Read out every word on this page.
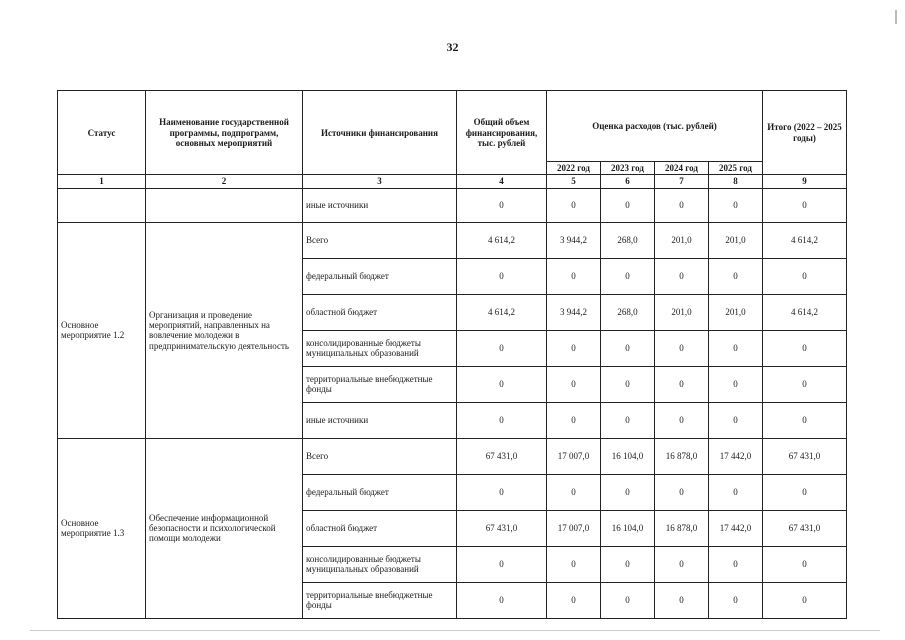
32
Статус	Наименование государственной программы, подпрограмм, основных мероприятий	Источники финансирования	Общий объем финансирования, тыс. рублей	Оценка расходов (тыс. рублей)				Итого (2022 – 2025 годы)
				2022 год	2023 год	2024 год	2025 год	
1	2	3	4	5	6	7	8	9
		иные источники	0	0	0	0	0	0
Основное мероприятие 1.2	Организация и проведение мероприятий, направленных на вовлечение молодежи в предпринимательскую деятельность	Всего	4 614,2	3 944,2	268,0	201,0	201,0	4 614,2
		федеральный бюджет	0	0	0	0	0	0
		областной бюджет	4 614,2	3 944,2	268,0	201,0	201,0	4 614,2
		консолидированные бюджеты муниципальных образований	0	0	0	0	0	0
		территориальные внебюджетные фонды	0	0	0	0	0	0
		иные источники	0	0	0	0	0	0
Основное мероприятие 1.3	Обеспечение информационной безопасности и психологической помощи молодежи	Всего	67 431,0	17 007,0	16 104,0	16 878,0	17 442,0	67 431,0
		федеральный бюджет	0	0	0	0	0	0
		областной бюджет	67 431,0	17 007,0	16 104,0	16 878,0	17 442,0	67 431,0
		консолидированные бюджеты муниципальных образований	0	0	0	0	0	0
		территориальные внебюджетные фонды	0	0	0	0	0	0
